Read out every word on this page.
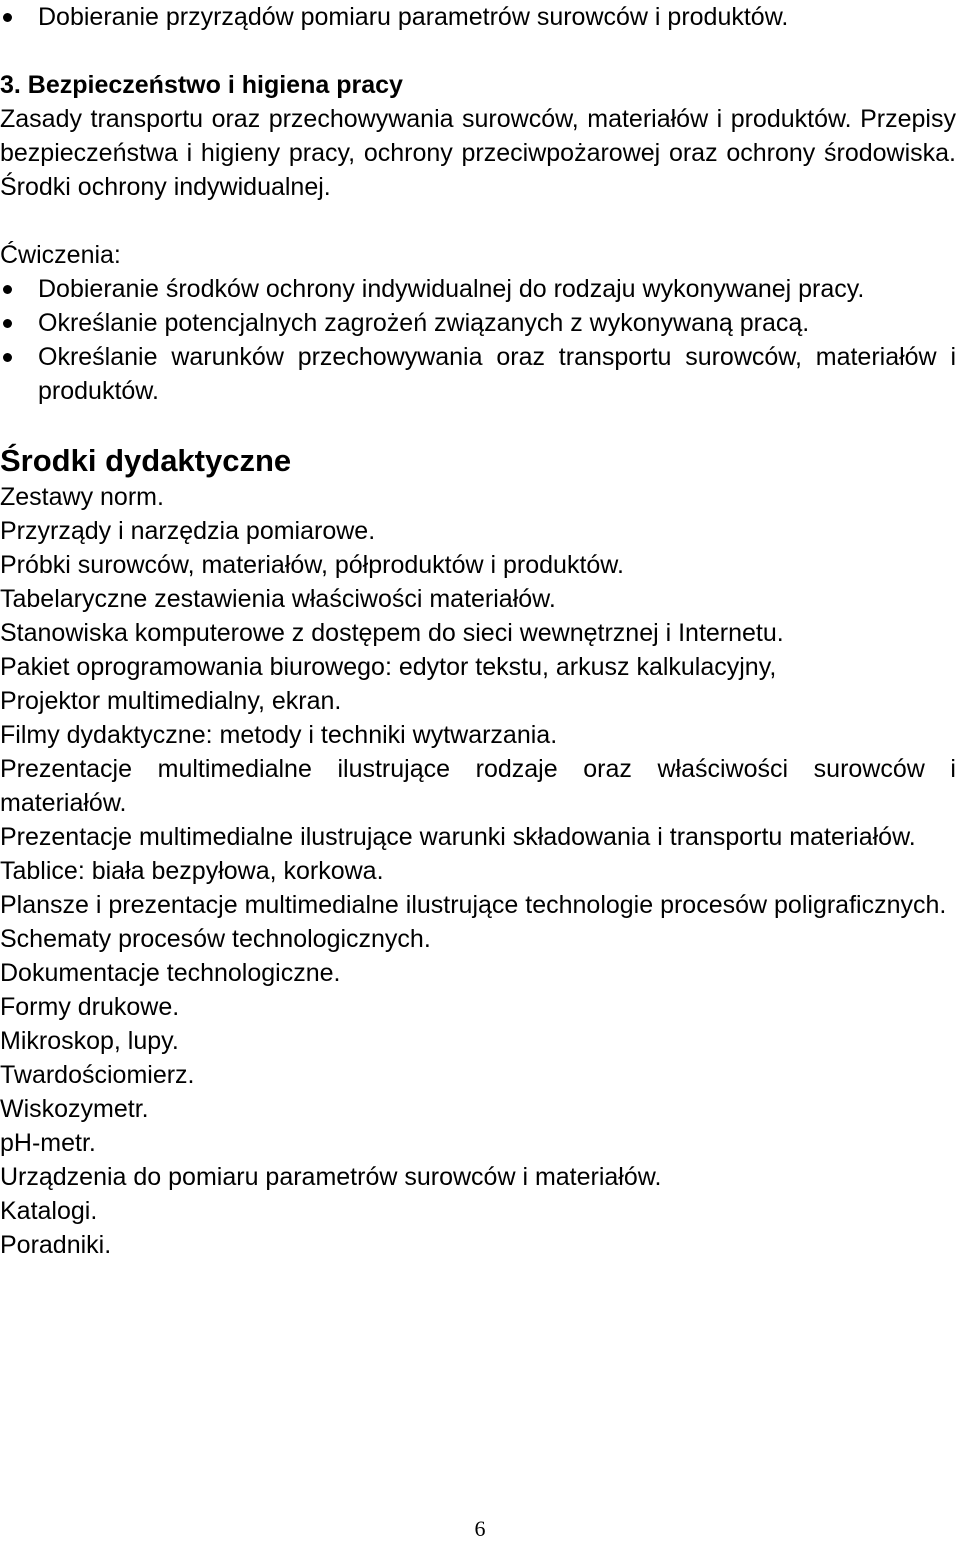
Dobieranie przyrządów pomiaru parametrów surowców i produktów.
3. Bezpieczeństwo i higiena pracy
Zasady transportu oraz przechowywania surowców, materiałów i produktów. Przepisy bezpieczeństwa i higieny pracy, ochrony przeciwpożarowej oraz ochrony środowiska. Środki ochrony indywidualnej.
Ćwiczenia:
Dobieranie środków ochrony indywidualnej do rodzaju wykonywanej pracy.
Określanie potencjalnych zagrożeń związanych z wykonywaną pracą.
Określanie warunków przechowywania oraz transportu surowców, materiałów i produktów.
Środki dydaktyczne
Zestawy norm.
Przyrządy i narzędzia pomiarowe.
Próbki surowców, materiałów, półproduktów i produktów.
Tabelaryczne zestawienia właściwości materiałów.
Stanowiska komputerowe z dostępem do sieci wewnętrznej i Internetu.
Pakiet oprogramowania biurowego: edytor tekstu, arkusz kalkulacyjny,
Projektor multimedialny, ekran.
Filmy dydaktyczne: metody i techniki wytwarzania.
Prezentacje multimedialne ilustrujące rodzaje oraz właściwości surowców i materiałów.
Prezentacje multimedialne ilustrujące warunki składowania i transportu materiałów.
Tablice: biała bezpyłowa, korkowa.
Plansze i prezentacje multimedialne ilustrujące technologie procesów poligraficznych.
Schematy procesów technologicznych.
Dokumentacje technologiczne.
Formy drukowe.
Mikroskop, lupy.
Twardościomierz.
Wiskozymetr.
pH-metr.
Urządzenia do pomiaru parametrów surowców i materiałów.
Katalogi.
Poradniki.
6
